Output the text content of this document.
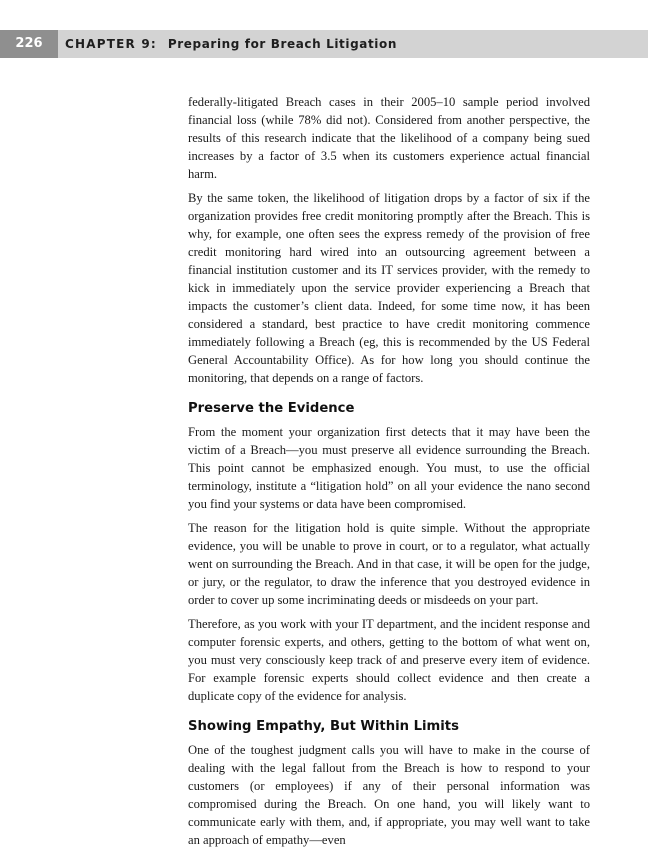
226	CHAPTER 9: Preparing for Breach Litigation

federally-litigated Breach cases in their 2005–10 sample period involved financial loss (while 78% did not). Considered from another perspective, the results of this research indicate that the likelihood of a company being sued increases by a factor of 3.5 when its customers experience actual financial harm.

By the same token, the likelihood of litigation drops by a factor of six if the organization provides free credit monitoring promptly after the Breach. This is why, for example, one often sees the express remedy of the provision of free credit monitoring hard wired into an outsourcing agreement between a financial institution customer and its IT services provider, with the remedy to kick in immediately upon the service provider experiencing a Breach that impacts the customer’s client data. Indeed, for some time now, it has been considered a standard, best practice to have credit monitoring commence immediately following a Breach (eg, this is recommended by the US Federal General Accountability Office). As for how long you should continue the monitoring, that depends on a range of factors.

Preserve the Evidence

From the moment your organization first detects that it may have been the victim of a Breach—you must preserve all evidence surrounding the Breach. This point cannot be emphasized enough. You must, to use the official terminology, institute a “litigation hold” on all your evidence the nano second you find your systems or data have been compromised.

The reason for the litigation hold is quite simple. Without the appropriate evidence, you will be unable to prove in court, or to a regulator, what actually went on surrounding the Breach. And in that case, it will be open for the judge, or jury, or the regulator, to draw the inference that you destroyed evidence in order to cover up some incriminating deeds or misdeeds on your part.

Therefore, as you work with your IT department, and the incident response and computer forensic experts, and others, getting to the bottom of what went on, you must very consciously keep track of and preserve every item of evidence. For example forensic experts should collect evidence and then create a duplicate copy of the evidence for analysis.

Showing Empathy, But Within Limits

One of the toughest judgment calls you will have to make in the course of dealing with the legal fallout from the Breach is how to respond to your customers (or employees) if any of their personal information was compromised during the Breach. On one hand, you will likely want to communicate early with them, and, if appropriate, you may well want to take an approach of empathy—even
